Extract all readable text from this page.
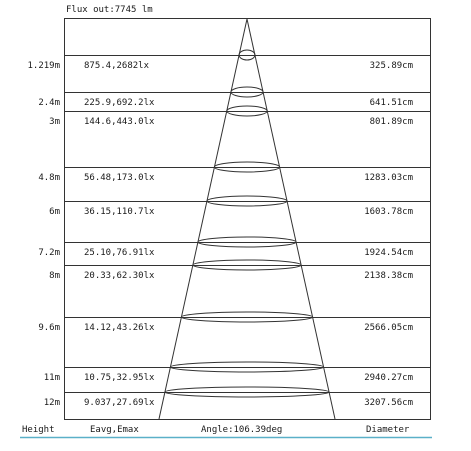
Flux out:7745 lm
1.219m	875.4,2682lx	325.89cm
2.4m	225.9,692.2lx	641.51cm
3m	144.6,443.0lx	801.89cm
4.8m	56.48,173.0lx	1283.03cm
6m	36.15,110.7lx	1603.78cm
7.2m	25.10,76.91lx	1924.54cm
8m	20.33,62.30lx	2138.38cm
9.6m	14.12,43.26lx	2566.05cm
11m	10.75,32.95lx	2940.27cm
12m	9.037,27.69lx	3207.56cm
Height	Eavg,Emax	Angle:106.39deg	Diameter
